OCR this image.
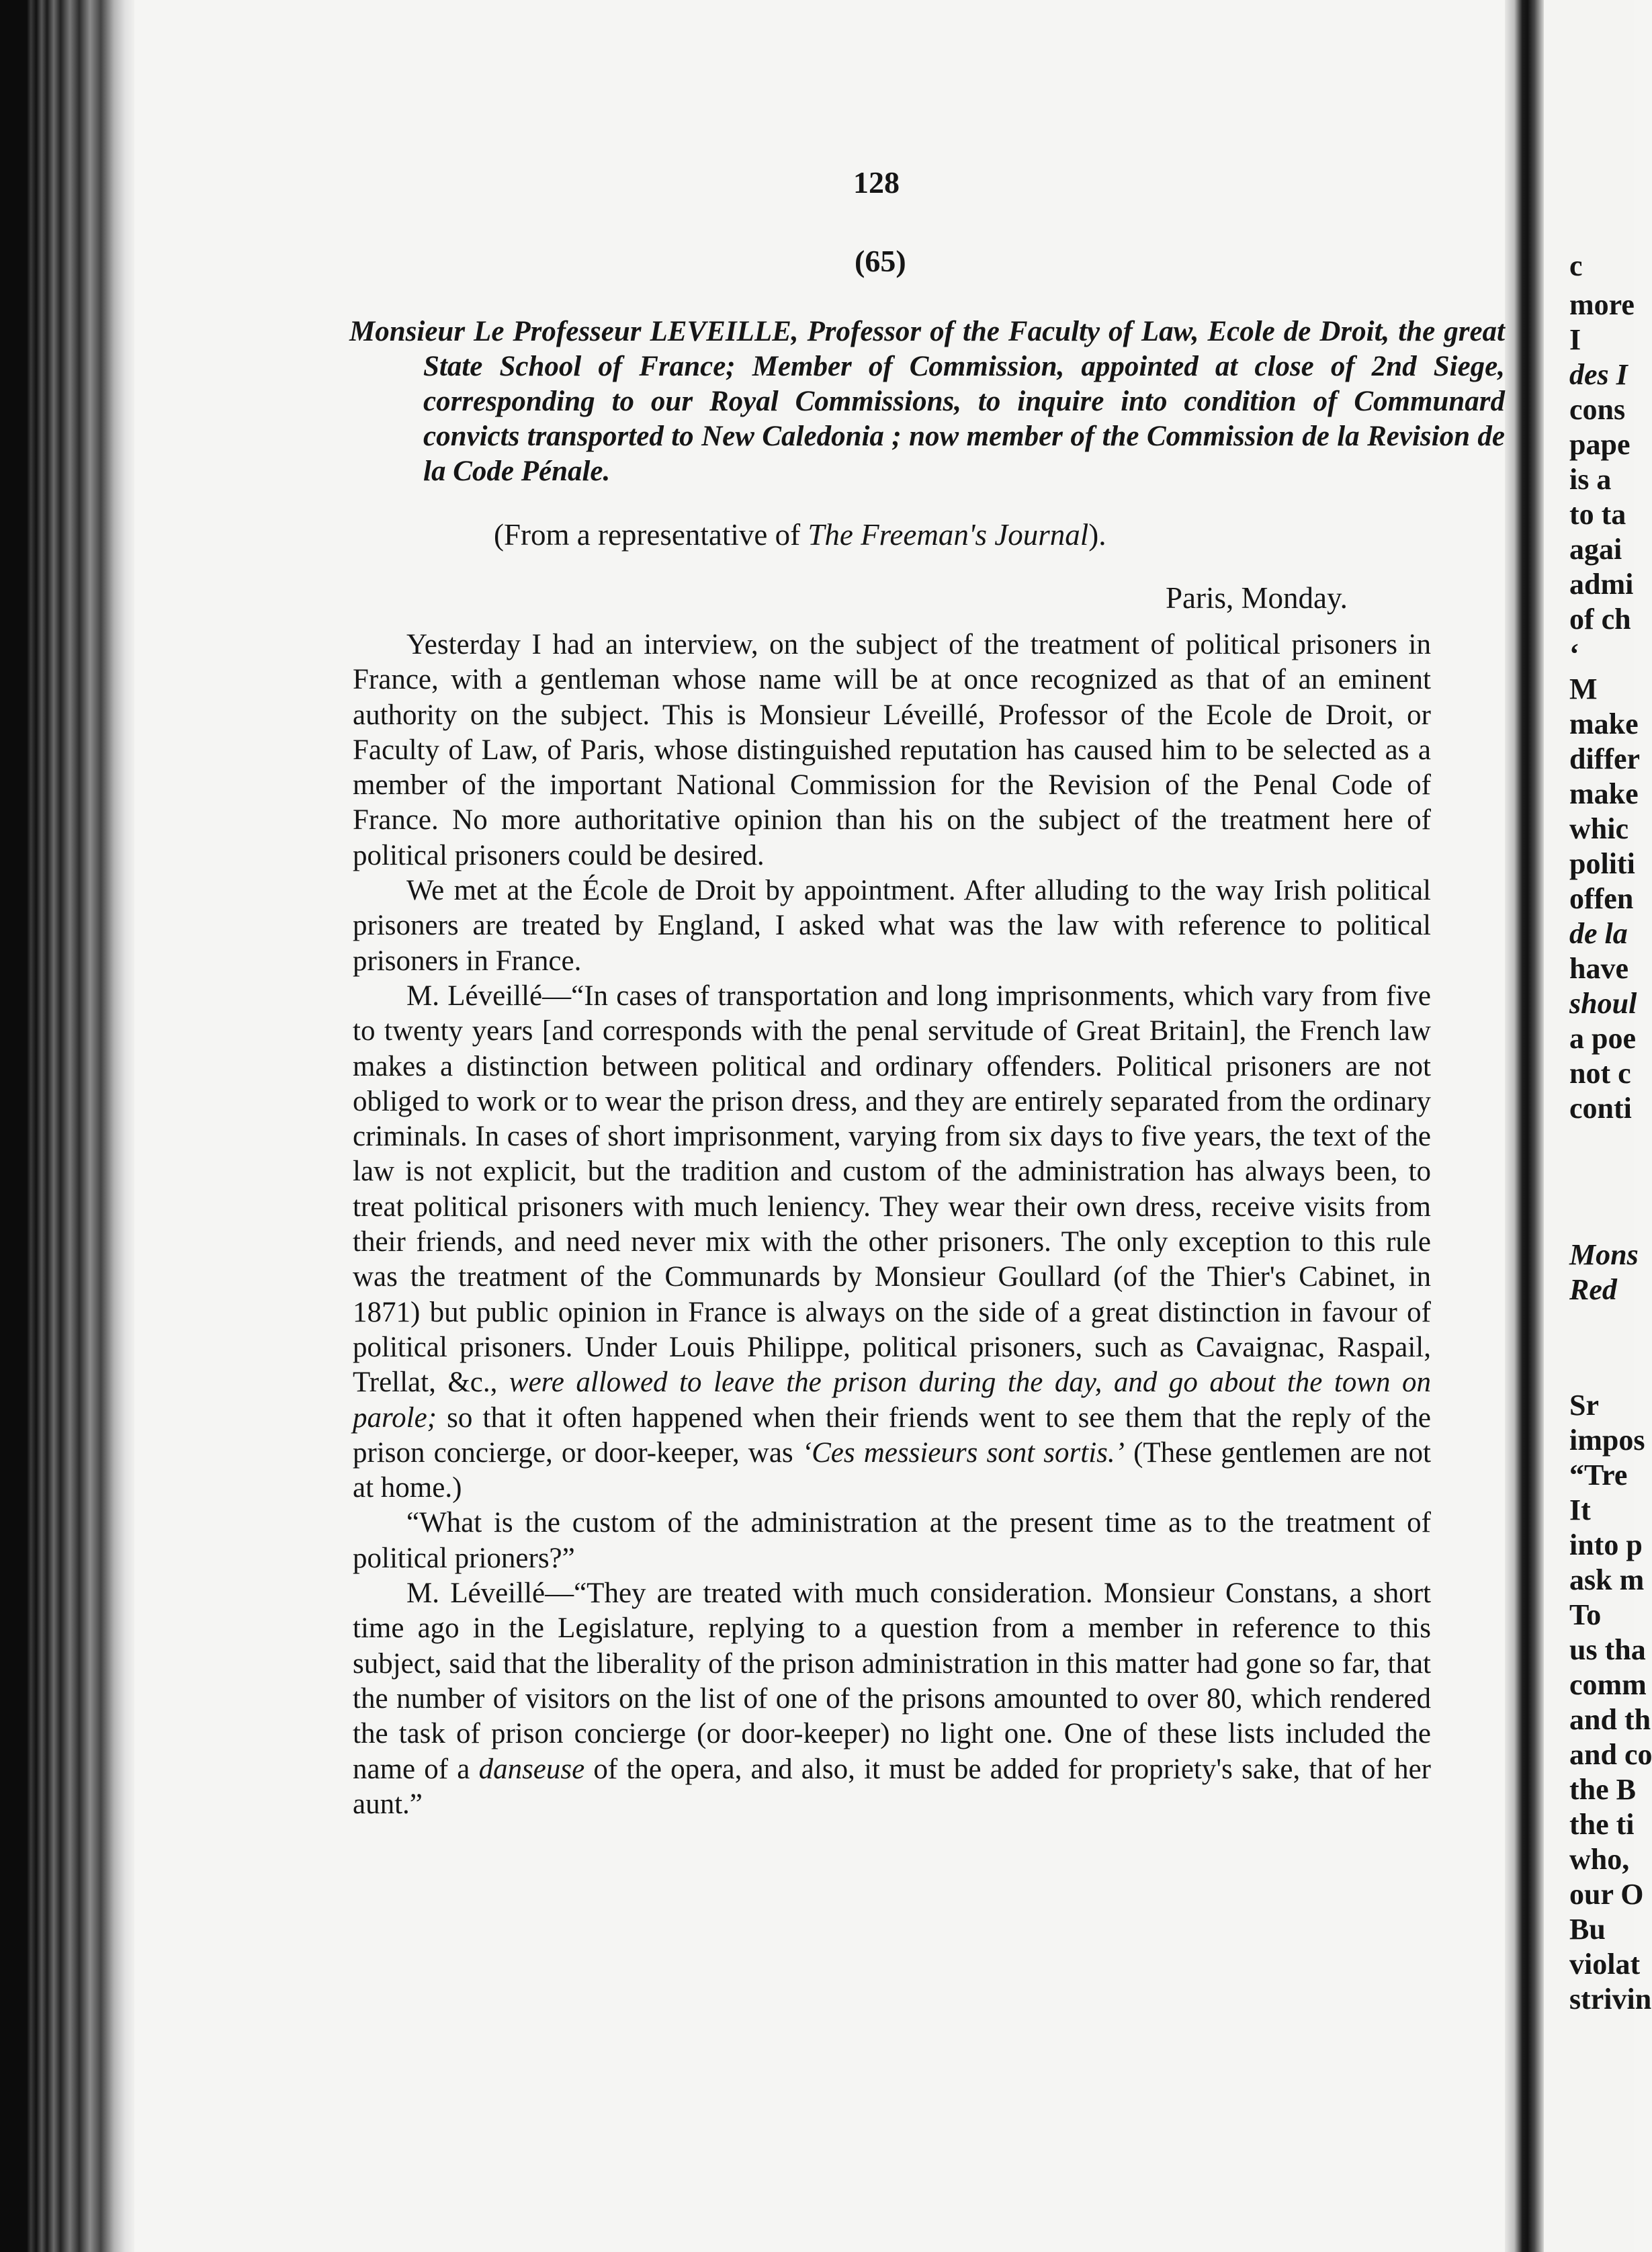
c
more
I
des I
cons
pape
is a
to ta
agai
admi
of ch
‘
M
make
differ
make
whic
politi
offen
de la
have
shoul
a poe
not c
conti
Mons
Red
Sr
impos
“Tre
It
into p
ask m
To
us tha
comm
and th
and co
the B
the ti
who,
our O
Bu
violat
strivin
128
(65)
Monsieur Le Professeur LEVEILLE, Professor of the Faculty of Law, Ecole de Droit, the great State School of France; Member of Commission, appointed at close of 2nd Siege, corresponding to our Royal Commissions, to inquire into condition of Communard convicts transported to New Caledonia ; now member of the Commission de la Revision de la Code Pénale.
(From a representative of The Freeman's Journal).
Paris, Monday.

Yesterday I had an interview, on the subject of the treatment of political prisoners in France, with a gentleman whose name will be at once recognized as that of an eminent authority on the subject. This is Monsieur Léveillé, Professor of the Ecole de Droit, or Faculty of Law, of Paris, whose distinguished reputation has caused him to be selected as a member of the important National Commission for the Revision of the Penal Code of France. No more authoritative opinion than his on the subject of the treatment here of political prisoners could be desired.

We met at the École de Droit by appointment. After alluding to the way Irish political prisoners are treated by England, I asked what was the law with reference to political prisoners in France.

M. Léveillé—“In cases of transportation and long imprisonments, which vary from five to twenty years [and corresponds with the penal servitude of Great Britain], the French law makes a distinction between political and ordinary offenders. Political prisoners are not obliged to work or to wear the prison dress, and they are entirely separated from the ordinary criminals. In cases of short imprisonment, varying from six days to five years, the text of the law is not explicit, but the tradition and custom of the administration has always been, to treat political prisoners with much leniency. They wear their own dress, receive visits from their friends, and need never mix with the other prisoners. The only exception to this rule was the treatment of the Communards by Monsieur Goullard (of the Thier's Cabinet, in 1871) but public opinion in France is always on the side of a great distinction in favour of political prisoners. Under Louis Philippe, political prisoners, such as Cavaignac, Raspail, Trellat, &c., were allowed to leave the prison during the day, and go about the town on parole; so that it often happened when their friends went to see them that the reply of the prison concierge, or door-keeper, was ‘Ces messieurs sont sortis.’ (These gentlemen are not at home.)

“What is the custom of the administration at the present time as to the treatment of political prioners?”

M. Léveillé—“They are treated with much consideration. Monsieur Constans, a short time ago in the Legislature, replying to a question from a member in reference to this subject, said that the liberality of the prison administration in this matter had gone so far, that the number of visitors on the list of one of the prisons amounted to over 80, which rendered the task of prison concierge (or door-keeper) no light one. One of these lists included the name of a danseuse of the opera, and also, it must be added for propriety's sake, that of her aunt.”
